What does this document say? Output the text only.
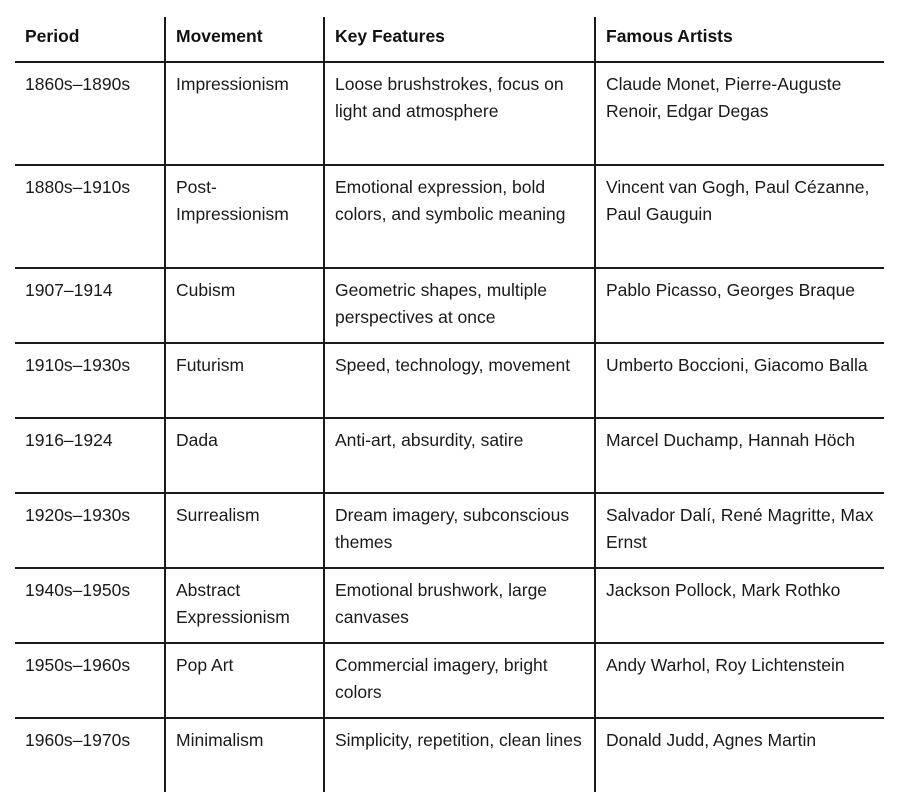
Period	Movement	Key Features	Famous Artists
1860s–1890s	Impressionism	Loose brushstrokes, focus on light and atmosphere	Claude Monet, Pierre-Auguste Renoir, Edgar Degas
1880s–1910s	Post-Impressionism	Emotional expression, bold colors, and symbolic meaning	Vincent van Gogh, Paul Cézanne, Paul Gauguin
1907–1914	Cubism	Geometric shapes, multiple perspectives at once	Pablo Picasso, Georges Braque
1910s–1930s	Futurism	Speed, technology, movement	Umberto Boccioni, Giacomo Balla
1916–1924	Dada	Anti-art, absurdity, satire	Marcel Duchamp, Hannah Höch
1920s–1930s	Surrealism	Dream imagery, subconscious themes	Salvador Dalí, René Magritte, Max Ernst
1940s–1950s	Abstract Expressionism	Emotional brushwork, large canvases	Jackson Pollock, Mark Rothko
1950s–1960s	Pop Art	Commercial imagery, bright colors	Andy Warhol, Roy Lichtenstein
1960s–1970s	Minimalism	Simplicity, repetition, clean lines	Donald Judd, Agnes Martin
